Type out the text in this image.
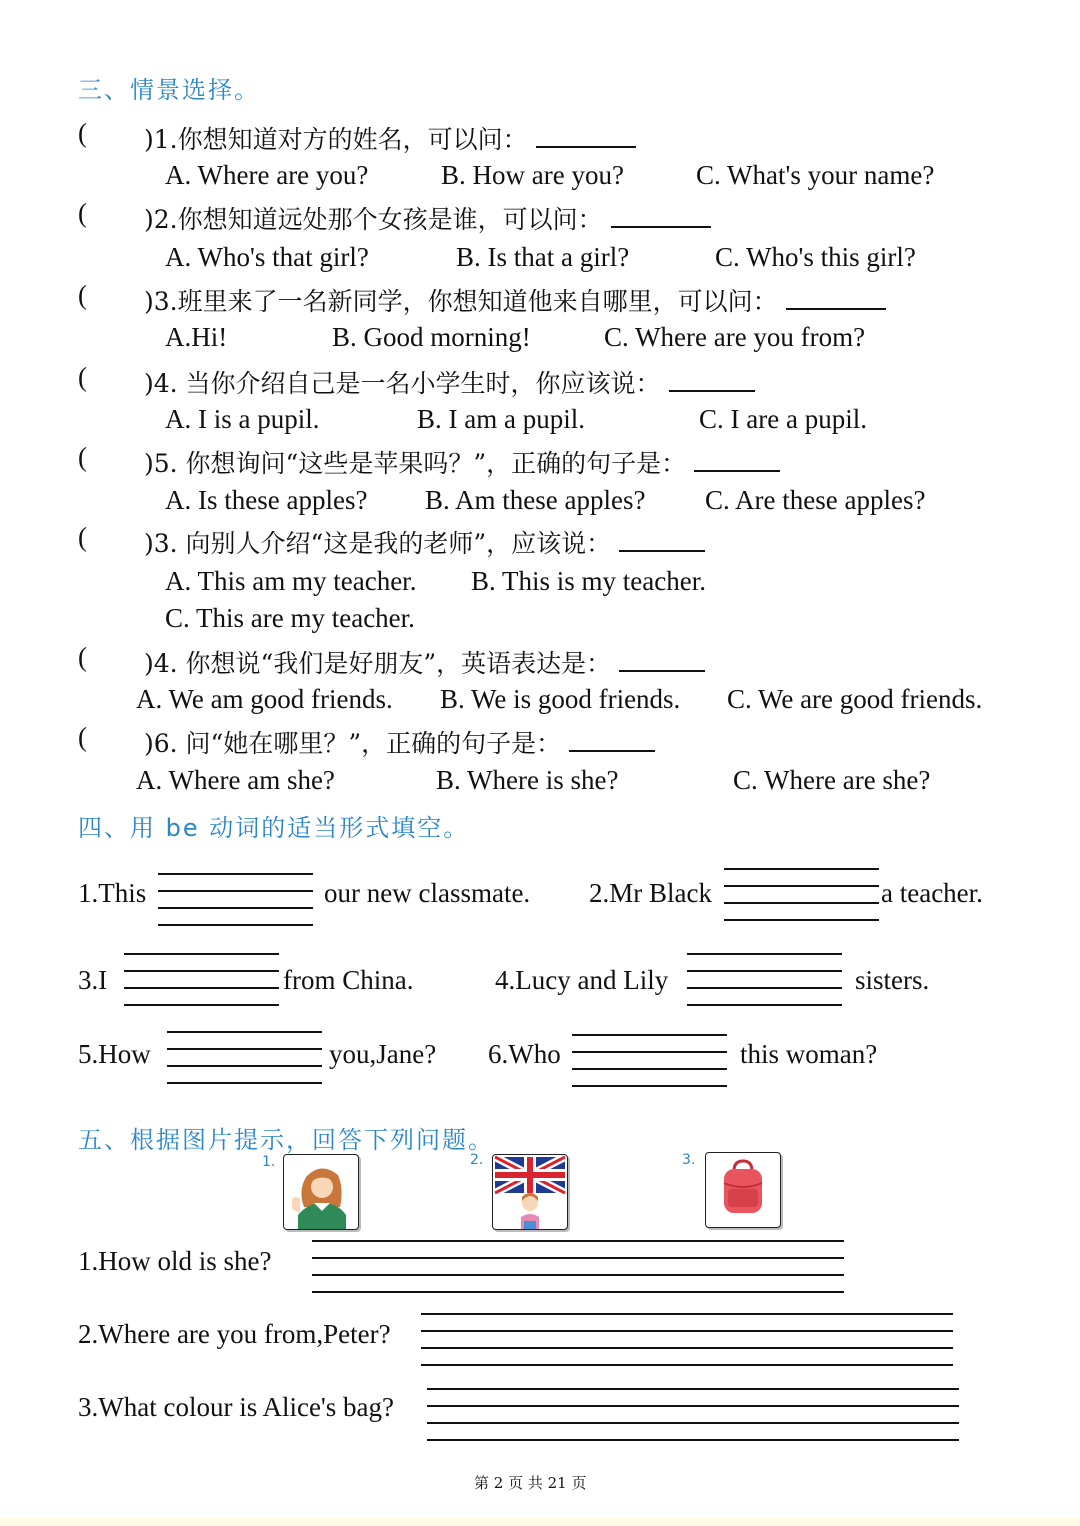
三、情景选择。
( )1.你想知道对方的姓名，可以问：
A. Where are you?	B. How are you?	C. What's your name?
( )2.你想知道远处那个女孩是谁，可以问：
A. Who's that girl?	B. Is that a girl?	C. Who's this girl?
( )3.班里来了一名新同学，你想知道他来自哪里，可以问：
A.Hi!	B. Good morning!	C. Where are you from?
( )4. 当你介绍自己是一名小学生时，你应该说：
A. I is a pupil.	B. I am a pupil.	C. I are a pupil.
( )5. 你想询问“这些是苹果吗？”，正确的句子是：
A. Is these apples? B. Am these apples? C. Are these apples?
( )3. 向别人介绍“这是我的老师”，应该说：
A. This am my teacher. B. This is my teacher.
C. This are my teacher.
( )4. 你想说“我们是好朋友”，英语表达是：
A. We am good friends. B. We is good friends. C. We are good friends.
( )6. 问“她在哪里？”，正确的句子是：
A. Where am she?	B. Where is she?	C. Where are she?
四、用 be 动词的适当形式填空。
1.This	our new classmate. 2.Mr Black	a teacher.
3.I	from China.	4.Lucy and Lily	sisters.
5.How	you,Jane? 6.Who	this woman?
五、根据图片提示，回答下列问题。
1.	2.	3.
1.How old is she?
2.Where are you from,Peter?
3.What colour is Alice's bag?
第 2 页 共 21 页
